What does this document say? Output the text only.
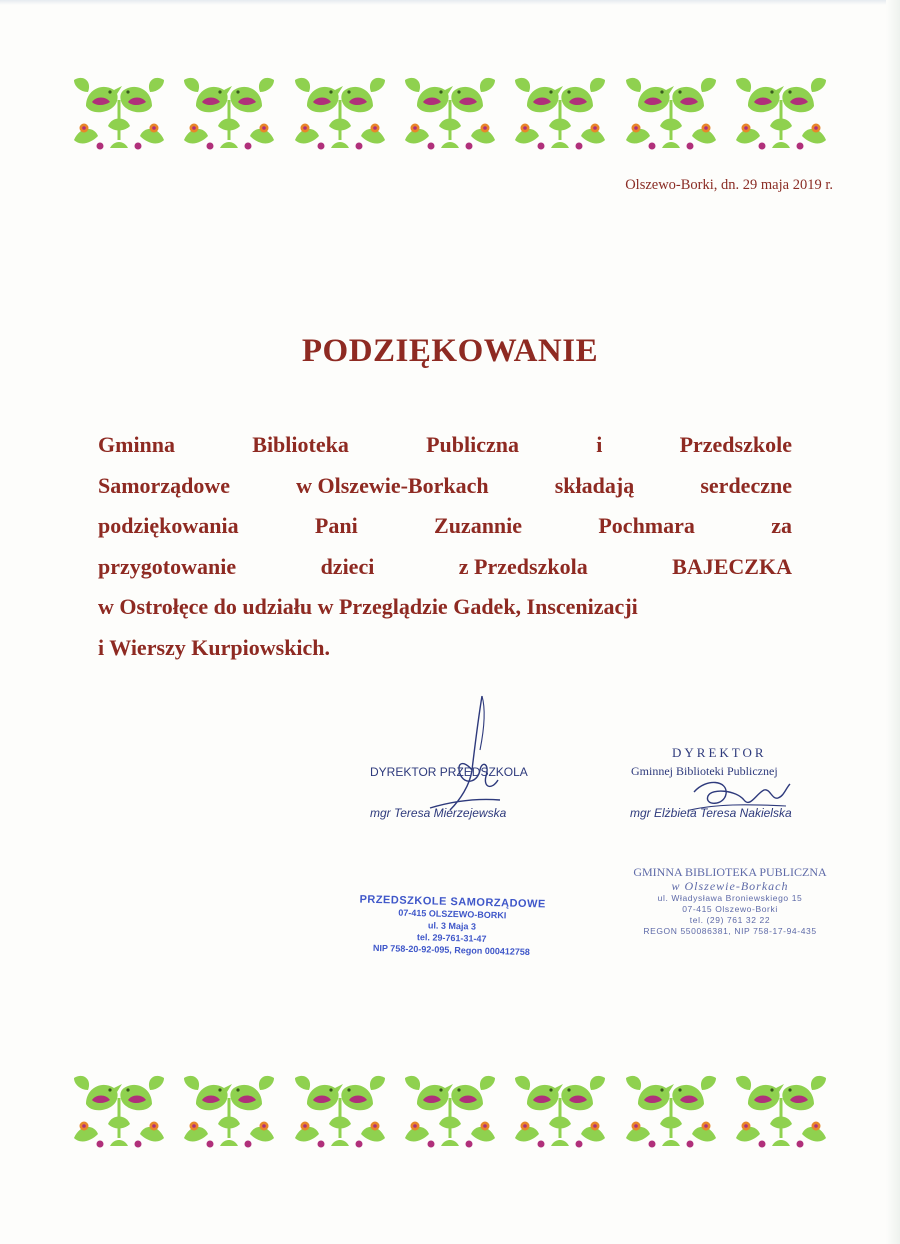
Olszewo-Borki, dn. 29 maja 2019 r.
PODZIĘKOWANIE
Gminna	Biblioteka	Publiczna	i	Przedszkole
Samorządowe	w Olszewie-Borkach	składają	serdeczne
podziękowania	Pani	Zuzannie	Pochmara	za
przygotowanie	dzieci	z Przedszkola	BAJECZKA
w Ostrołęce do udziału w Przeglądzie Gadek, Inscenizacji
i Wierszy Kurpiowskich.
DYREKTOR PRZEDSZKOLA
mgr Teresa Mierzejewska
DYREKTOR
Gminnej Biblioteki Publicznej
mgr Elżbieta Teresa Nakielska
PRZEDSZKOLE SAMORZĄDOWE
07-415 OLSZEWO-BORKI
ul. 3 Maja 3
tel. 29-761-31-47
NIP 758-20-92-095, Regon 000412758
GMINNA BIBLIOTEKA PUBLICZNA
w Olszewie-Borkach
ul. Władysława Broniewskiego 15
07-415 Olszewo-Borki
tel. (29) 761 32 22
REGON 550086381, NIP 758-17-94-435
